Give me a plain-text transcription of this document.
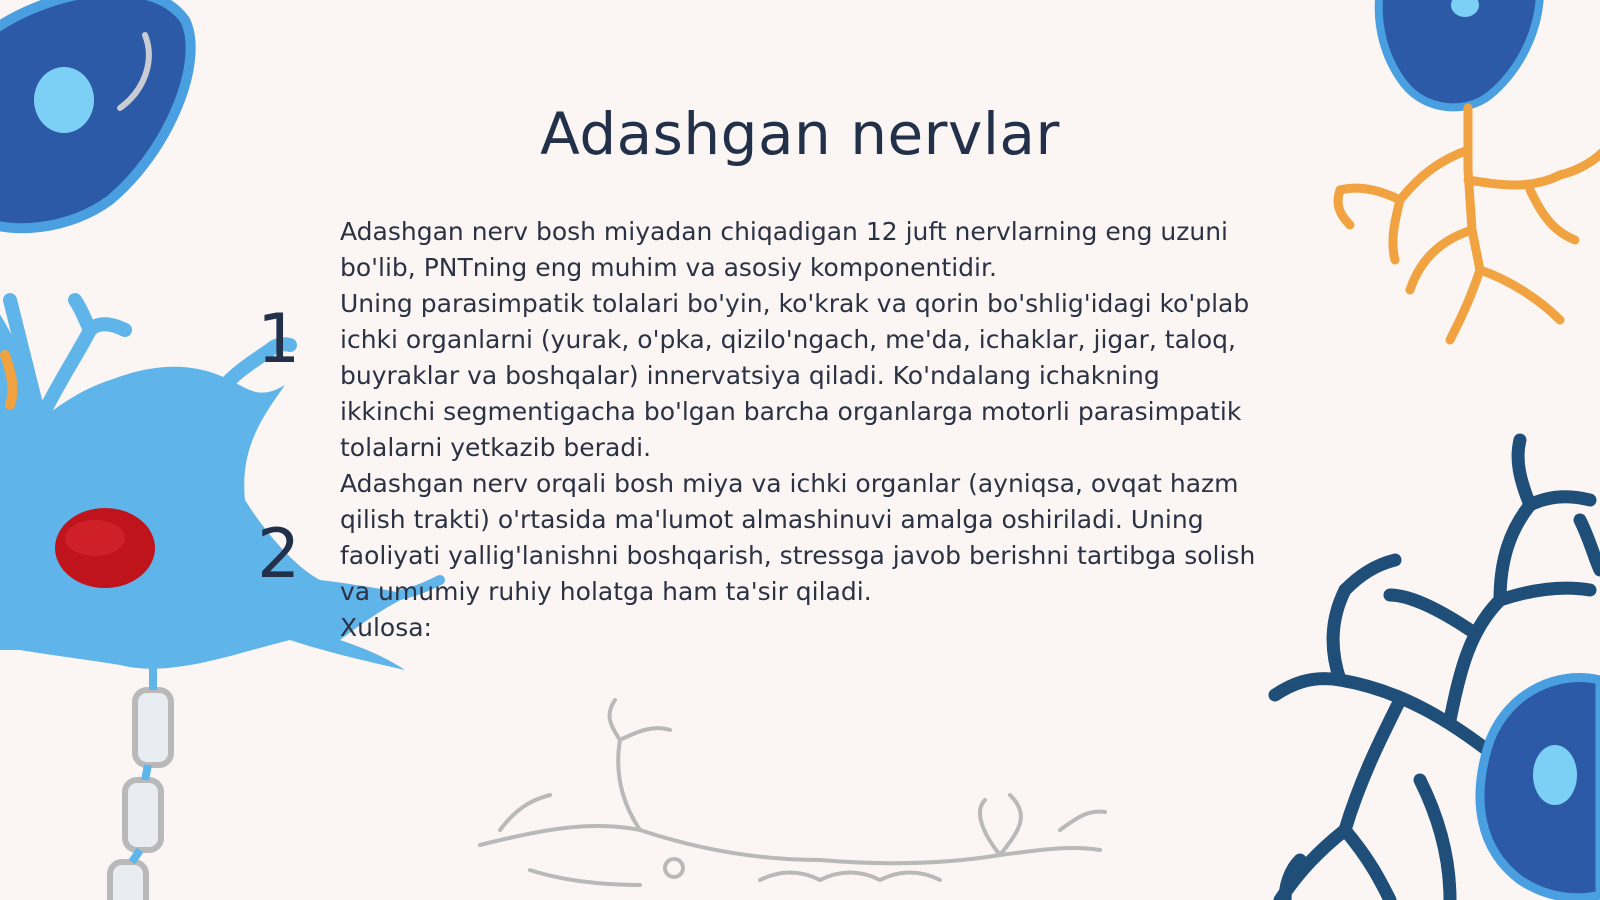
Adashgan nervlar
1
2

Adashgan nerv bosh miyadan chiqadigan 12 juft nervlarning eng uzuni bo'lib, PNTning eng muhim va asosiy komponentidir.

Uning parasimpatik tolalari bo'yin, ko'krak va qorin bo'shlig'idagi ko'plab ichki organlarni (yurak, o'pka, qizilo'ngach, me'da, ichaklar, jigar, taloq, buyraklar va boshqalar) innervatsiya qiladi. Ko'ndalang ichakning ikkinchi segmentigacha bo'lgan barcha organlarga motorli parasimpatik tolalarni yetkazib beradi.

Adashgan nerv orqali bosh miya va ichki organlar (ayniqsa, ovqat hazm qilish trakti) o'rtasida ma'lumot almashinuvi amalga oshiriladi. Uning faoliyati yallig'lanishni boshqarish, stressga javob berishni tartibga solish va umumiy ruhiy holatga ham ta'sir qiladi.

Xulosa:
